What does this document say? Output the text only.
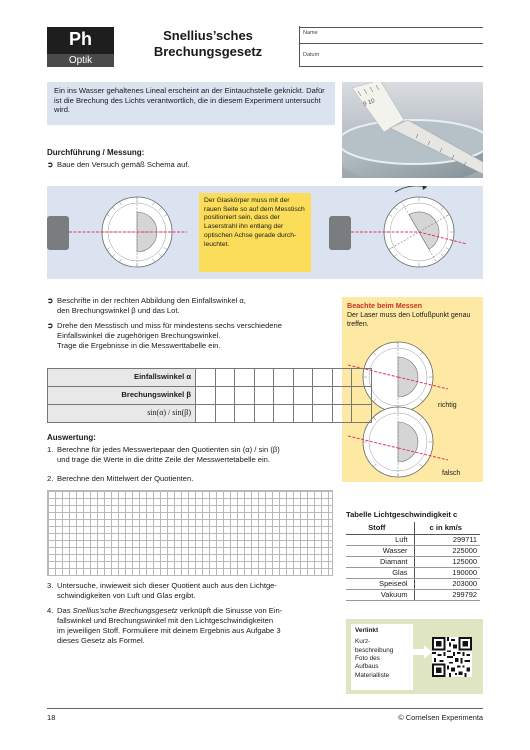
Ph
Optik
Snellius’sches
Brechungsgesetz
Name
Datum
Ein ins Wasser gehaltenes Lineal erscheint an der Eintauchstelle geknickt. Dafür ist die Brechung des Lichts verantwortlich, die in diesem Experiment untersucht wird.
9 10
Durchführung / Messung:
➲ Baue den Versuch gemäß Schema auf.
Der Glaskörper muss mit der rauen Seite so auf dem Messtisch positioniert sein, dass der Laserstrahl ihn entlang der optischen Achse gerade durch-leuchtet.
➲ Beschrifte in der rechten Abbildung den Einfallswinkel α,
den Brechungswinkel β und das Lot.
➲ Drehe den Messtisch und miss für mindestens sechs verschiedene
Einfallswinkel die zugehörigen Brechungswinkel.
Trage die Ergebnisse in die Messwerttabelle ein.
Beachte beim Messen
Der Laser muss den Lotfußpunkt genau treffen.
richtig
falsch
Einfallswinkel α									
Brechungswinkel β									
sin(α) / sin(β)									
Auswertung:
1. Berechne für jedes Messwertepaar den Quotienten sin (α) / sin (β)
und trage die Werte in die dritte Zeile der Messwertetabelle ein.
2. Berechne den Mittelwert der Quotienten.
3. Untersuche, inwieweit sich dieser Quotient auch aus den Lichtge-
schwindigkeiten von Luft und Glas ergibt.
4. Das Snellius’sche Brechungsgesetz verknüpft die Sinusse von Ein-
fallswinkel und Brechungswinkel mit den Lichtgeschwindigkeiten
im jeweiligen Stoff. Formuliere mit deinem Ergebnis aus Aufgabe 3
dieses Gesetz als Formel.
Tabelle Lichtgeschwindigkeit c
Stoff	c in km/s
Luft	299711
Wasser	225000
Diamant	125000
Glas	190000
Speiseöl	203000
Vakuum	299792
Verlinkt
Kurz-
beschreibung
Foto des
Aufbaus
Materialliste
18	© Cornelsen Experimenta
